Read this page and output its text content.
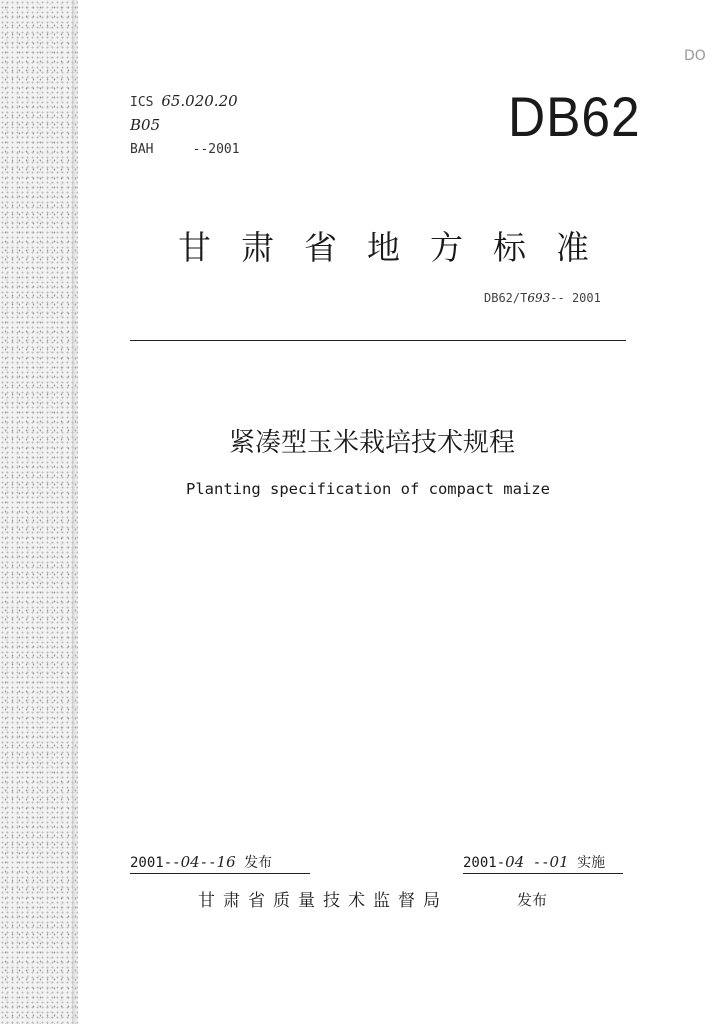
DO
ICS 65.020.20
B05
BAH	--2001
DB62
甘肃省地方标准
DB62/T693-- 2001
紧凑型玉米栽培技术规程
Planting specification of compact maize
2001--04--16 发布	2001-04 --01 实施
甘肃省质量技术监督局	发布
